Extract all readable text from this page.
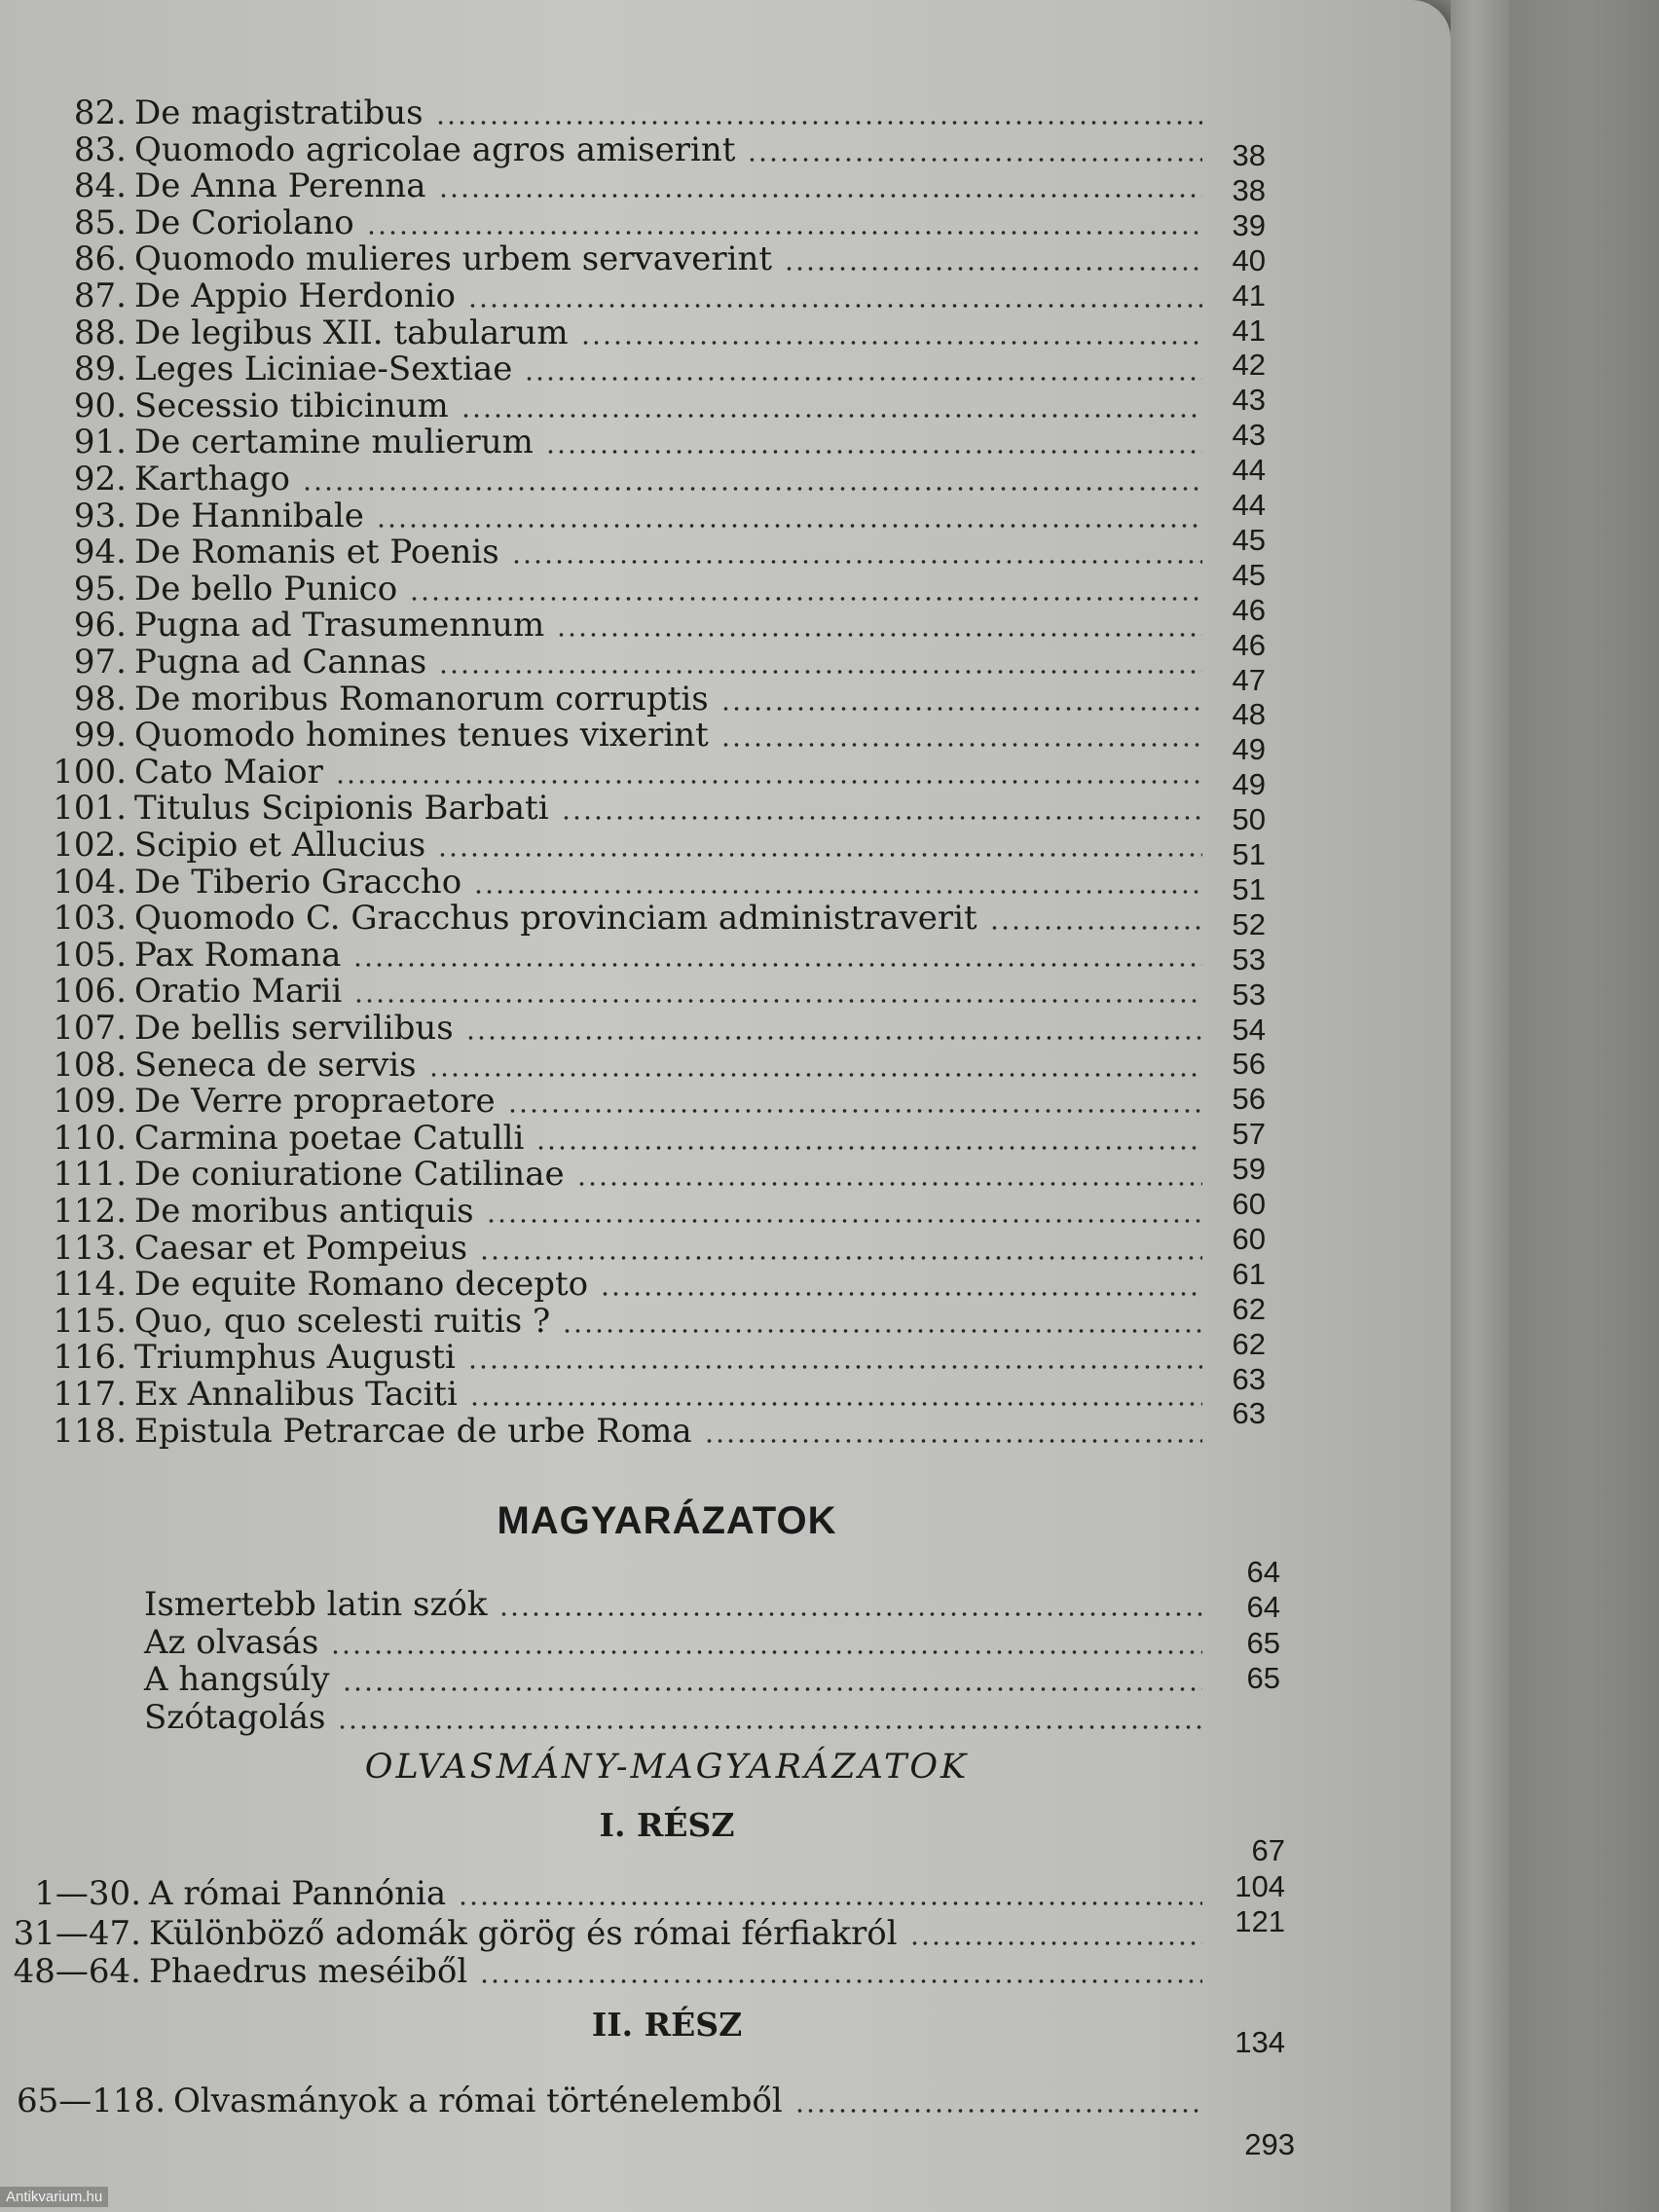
82. De magistratibus
83. Quomodo agricolae agros amiserint
84. De Anna Perenna
85. De Coriolano
86. Quomodo mulieres urbem servaverint
87. De Appio Herdonio
88. De legibus XII. tabularum
89. Leges Liciniae-Sextiae
90. Secessio tibicinum
91. De certamine mulierum
92. Karthago
93. De Hannibale
94. De Romanis et Poenis
95. De bello Punico
96. Pugna ad Trasumennum
97. Pugna ad Cannas
98. De moribus Romanorum corruptis
99. Quomodo homines tenues vixerint
100. Cato Maior
101. Titulus Scipionis Barbati
102. Scipio et Allucius
104. De Tiberio Graccho
103. Quomodo C. Gracchus provinciam administraverit
105. Pax Romana
106. Oratio Marii
107. De bellis servilibus
108. Seneca de servis
109. De Verre propraetore
110. Carmina poetae Catulli
111. De coniuratione Catilinae
112. De moribus antiquis
113. Caesar et Pompeius
114. De equite Romano decepto
115. Quo, quo scelesti ruitis ?
116. Triumphus Augusti
117. Ex Annalibus Taciti
118. Epistula Petrarcae de urbe Roma
38
38
39
40
41
41
42
43
43
44
44
45
45
46
46
47
48
49
49
50
51
51
52
53
53
54
56
56
57
59
60
60
61
62
62
63
63
Ismertebb latin szók
Az olvasás
A hangsúly
Szótagolás
64
64
65
65
1—30. A római Pannónia
31—47. Különböző adomák görög és római férfiakról
48—64. Phaedrus meséiből
67
104
121
65—118. Olvasmányok a római történelemből
134
MAGYARÁZATOK
OLVASMÁNY-MAGYARÁZATOK
I. RÉSZ
II. RÉSZ
293
Antikvarium.hu
